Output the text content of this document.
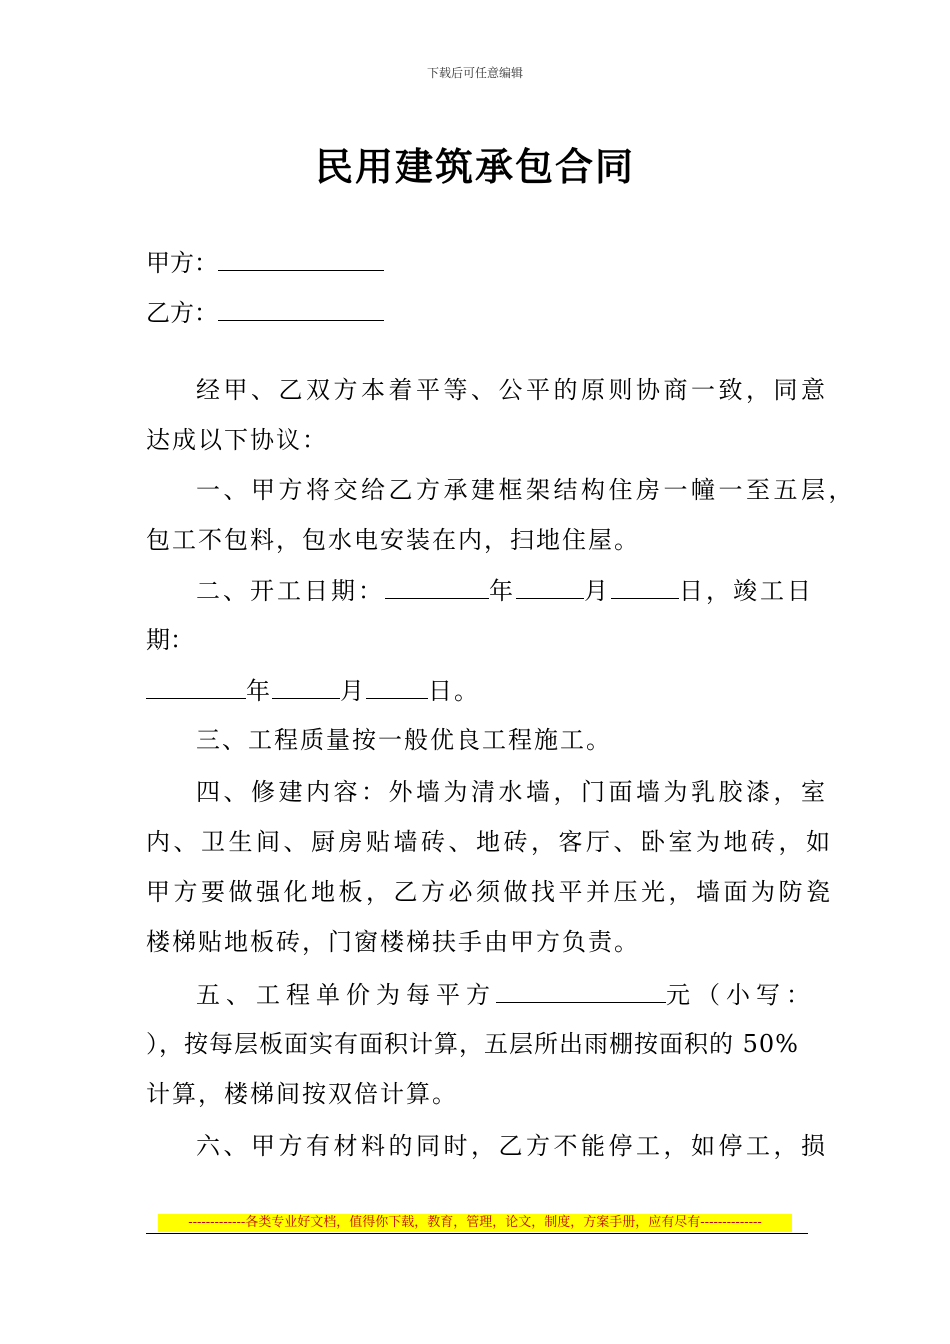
下载后可任意编辑
民用建筑承包合同
甲方：
乙方：
经甲、乙双方本着平等、公平的原则协商一致，同意
达成以下协议：
一、甲方将交给乙方承建框架结构住房一幢一至五层，
包工不包料，包水电安装在内，扫地住屋。
二、开工日期：	年	月	日，竣工日
期：
年	月	日。
三、工程质量按一般优良工程施工。
四、修建内容：外墙为清水墙，门面墙为乳胶漆，室
内、卫生间、厨房贴墙砖、地砖，客厅、卧室为地砖，如
甲方要做强化地板，乙方必须做找平并压光，墙面为防瓷
楼梯贴地板砖，门窗楼梯扶手由甲方负责。
五、工程单价为每平方	元（小写：
），按每层板面实有面积计算，五层所出雨棚按面积的 50%
计算，楼梯间按双倍计算。
六、甲方有材料的同时，乙方不能停工，如停工，损
-------------各类专业好文档，值得你下载，教育，管理，论文，制度，方案手册，应有尽有--------------
